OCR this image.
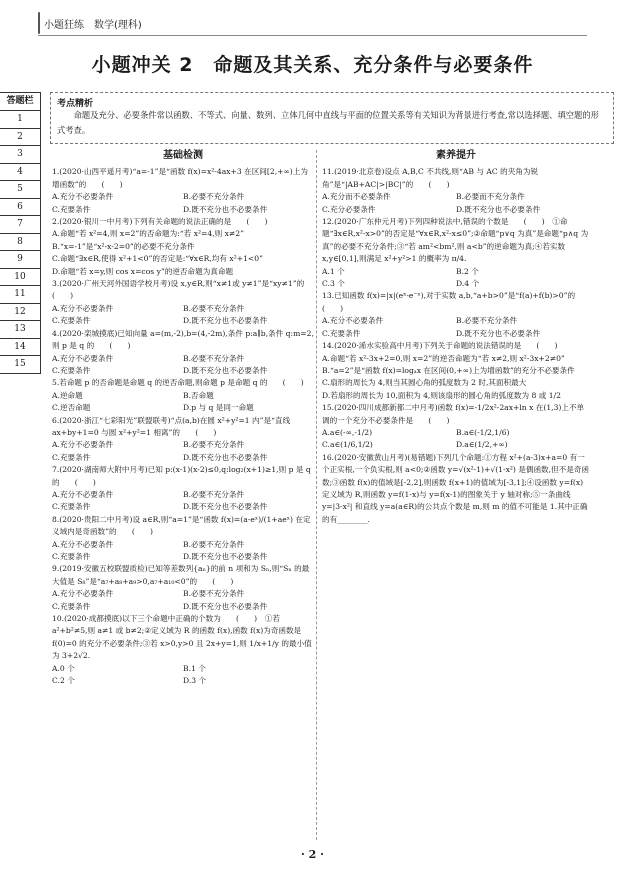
小题狂练　数学(理科)
小题冲关 2　命题及其关系、充分条件与必要条件
答题栏
1
2
3
4
5
6
7
8
9
10
11
12
13
14
15
考点精析
命题及充分、必要条件常以函数、不等式、向量、数列、立体几何中直线与平面的位置关系等有关知识为背景进行考查,常以选择题、填空题的形式考查。
基础检测
1.(2020·山西平遥月考)“a=-1”是“函数 f(x)=x²-4ax+3 在区间[2,+∞)上为增函数”的　　(　　)
A.充分不必要条件	B.必要不充分条件
C.充要条件	D.既不充分也不必要条件
2.(2020·银川一中月考)下列有关命题的说法正确的是　　(　　)
A.命题“若 x²=4,则 x=2”的否命题为:“若 x²=4,则 x≠2”
B.“x=-1”是“x²-x-2=0”的必要不充分条件
C.命题“∃x∈R,使得 x²+1<0”的否定是:“∀x∈R,均有 x²+1<0”
D.命题“若 x=y,则 cos x=cos y”的逆否命题为真命题
3.(2020·广州天河外国语学校月考)设 x,y∈R,则“x≠1或 y≠1”是“xy≠1”的　　(　　)
A.充分不必要条件	B.必要不充分条件
C.充要条件	D.既不充分也不必要条件
4.(2020·栾城摸底)已知向量 a=(m,-2),b=(4,-2m),条件 p:a∥b,条件 q:m=2,则 p 是 q 的　　(　　)
A.充分不必要条件	B.必要不充分条件
C.充要条件	D.既不充分也不必要条件
5.若命题 p 的否命题是命题 q 的逆否命题,则命题 p 是命题 q 的　　(　　)
A.逆命题	B.否命题
C.逆否命题	D.p 与 q 是同一命题
6.(2020·浙江“七彩阳光”联盟联考)“点(a,b)在圆 x²+y²=1 内”是“直线 ax+by+1=0 与圆 x²+y²=1 相离”的　　(　　)
A.充分不必要条件	B.必要不充分条件
C.充要条件	D.既不充分也不必要条件
7.(2020·湖南师大附中月考)已知 p:(x-1)(x-2)≤0,q:log₂(x+1)≥1,则 p 是 q 的　　(　　)
A.充分不必要条件	B.必要不充分条件
C.充要条件	D.既不充分也不必要条件
8.(2020·贵阳二中月考)设 a∈R,则“a=1”是“函数 f(x)=(a-eˣ)/(1+aeˣ) 在定义域内是奇函数”的　　(　　)
A.充分不必要条件	B.必要不充分条件
C.充要条件	D.既不充分也不必要条件
9.(2019·安徽五校联盟质检)已知等差数列{aₙ}的前 n 项和为 Sₙ,则“Sₙ 的最大值是 S₈”是“a₇+a₈+a₉>0,a₇+a₁₀<0”的　　(　　)
A.充分不必要条件	B.必要不充分条件
C.充要条件	D.既不充分也不必要条件
10.(2020·成都摸底)以下三个命题中正确的个数为　　(　　)　①若 a²+b²≠5,则 a≠1 或 b≠2;②定义域为 R 的函数 f(x),函数 f(x)为奇函数是 f(0)=0 的充分不必要条件;③若 x>0,y>0 且 2x+y=1,则 1/x+1/y 的最小值为 3+2√2.
A.0 个	B.1 个
C.2 个	D.3 个
素养提升
11.(2019·北京卷)设点 A,B,C 不共线,则“AB 与 AC 的夹角为锐角”是“|AB+AC|>|BC|”的　　(　　)
A.充分而不必要条件	B.必要而不充分条件
C.充分必要条件	D.既不充分也不必要条件
12.(2020·广东仲元月考)下列四种说法中,错误的个数是　　(　　)　①命题“∃x∈R,x²-x>0”的否定是“∀x∈R,x²-x≤0”;②命题“p∨q 为真”是命题“p∧q 为真”的必要不充分条件;③“若 am²<bm²,则 a<b”的逆命题为真;④若实数 x,y∈[0,1],则满足 x²+y²>1 的概率为 π/4.
A.1 个	B.2 个
C.3 个	D.4 个
13.已知函数 f(x)=|x|(eˣ-e⁻ˣ),对于实数 a,b,“a+b>0”是“f(a)+f(b)>0”的　　(　　)
A.充分不必要条件	B.必要不充分条件
C.充要条件	D.既不充分也不必要条件
14.(2020·浠水实验高中月考)下列关于命题的说法错误的是　　(　　)
A.命题“若 x²-3x+2=0,则 x=2”的逆否命题为“若 x≠2,则 x²-3x+2≠0”
B.“a=2”是“函数 f(x)=logₐx 在区间(0,+∞)上为增函数”的充分不必要条件
C.扇形的周长为 4,则当其圆心角的弧度数为 2 时,其面积最大
D.若扇形的周长为 10,面积为 4,则该扇形的圆心角的弧度数为 8 或 1/2
15.(2020·四川成都新都二中月考)函数 f(x)=-1/2x²-2ax+ln x 在(1,3)上不单调的一个充分不必要条件是　　(　　)
A.a∈(-∞,-1/2)	B.a∈(-1/2,1/6)
C.a∈(1/6,1/2)	D.a∈(1/2,+∞)
16.(2020·安徽黄山月考)(易错题)下列几个命题:①方程 x²+(a-3)x+a=0 有一个正实根,一个负实根,则 a<0;②函数 y=√(x²-1)+√(1-x²) 是偶函数,但不是奇函数;③函数 f(x)的值域是[-2,2],则函数 f(x+1)的值域为[-3,1];④设函数 y=f(x)定义域为 R,则函数 y=f(1-x)与 y=f(x-1)的图象关于 y 轴对称;⑤一条曲线 y=|3-x²| 和直线 y=a(a∈R)的公共点个数是 m,则 m 的值不可能是 1.其中正确的有________.
· 2 ·
